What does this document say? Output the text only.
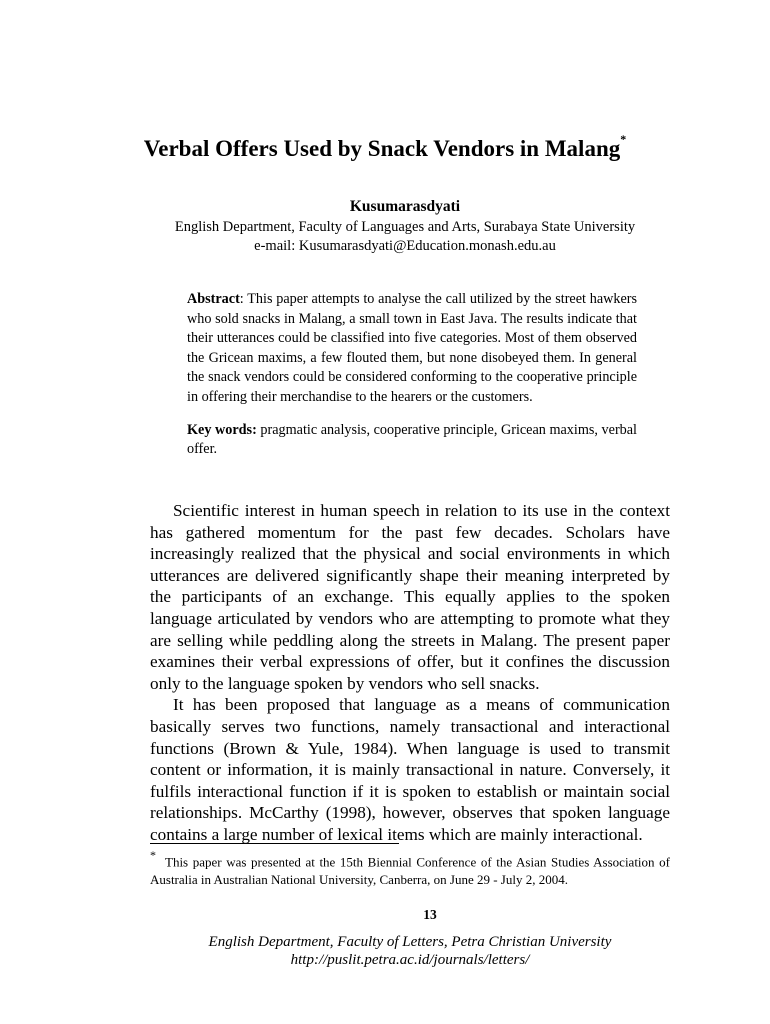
Verbal Offers Used by Snack Vendors in Malang*
Kusumarasdyati
English Department, Faculty of Languages and Arts, Surabaya State University
e-mail: Kusumarasdyati@Education.monash.edu.au

Abstract: This paper attempts to analyse the call utilized by the street hawkers who sold snacks in Malang, a small town in East Java. The results indicate that their utterances could be classified into five categories. Most of them observed the Gricean maxims, a few flouted them, but none disobeyed them. In general the snack vendors could be considered conforming to the cooperative principle in offering their merchandise to the hearers or the customers.

Key words: pragmatic analysis, cooperative principle, Gricean maxims, verbal offer.

Scientific interest in human speech in relation to its use in the context has gathered momentum for the past few decades. Scholars have increasingly realized that the physical and social environments in which utterances are delivered significantly shape their meaning interpreted by the participants of an exchange. This equally applies to the spoken language articulated by vendors who are attempting to promote what they are selling while peddling along the streets in Malang. The present paper examines their verbal expressions of offer, but it confines the discussion only to the language spoken by vendors who sell snacks.

It has been proposed that language as a means of communication basically serves two functions, namely transactional and interactional functions (Brown & Yule, 1984). When language is used to transmit content or information, it is mainly transactional in nature. Conversely, it fulfils interactional function if it is spoken to establish or maintain social relationships. McCarthy (1998), however, observes that spoken language contains a large number of lexical items which are mainly interactional.

* This paper was presented at the 15th Biennial Conference of the Asian Studies Association of Australia in Australian National University, Canberra, on June 29 - July 2, 2004.
13
English Department, Faculty of Letters, Petra Christian University
http://puslit.petra.ac.id/journals/letters/
